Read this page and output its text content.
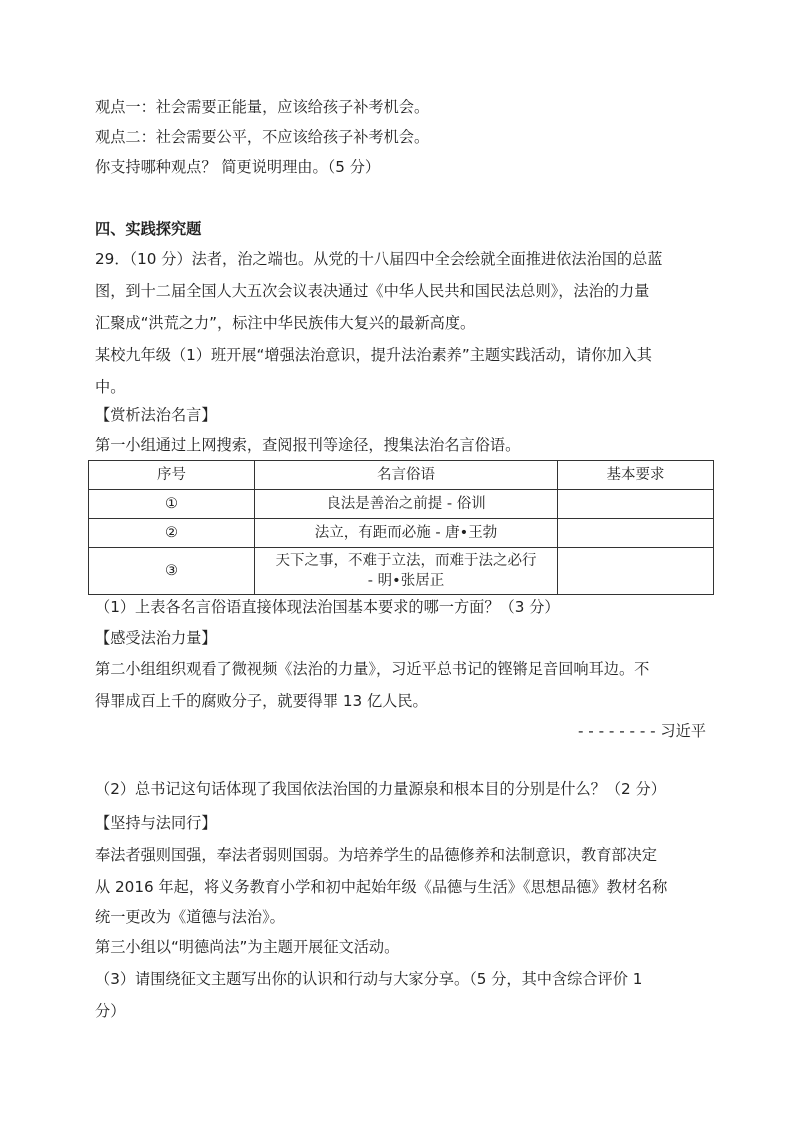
观点一：社会需要正能量，应该给孩子补考机会。
观点二：社会需要公平，不应该给孩子补考机会。
你支持哪种观点？ 简更说明理由。（5 分）
四、实践探究题
29．（10 分）法者，治之端也。从党的十八届四中全会绘就全面推进依法治国的总蓝
图，到十二届全国人大五次会议表决通过《中华人民共和国民法总则》，法治的力量
汇聚成“洪荒之力”，标注中华民族伟大复兴的最新高度。
某校九年级（1）班开展“增强法治意识，提升法治素养”主题实践活动，请你加入其
中。
【赏析法治名言】
第一小组通过上网搜索，查阅报刊等途径，搜集法治名言俗语。
序号	名言俗语	基本要求
①	良法是善治之前提 - 俗训	
②	法立，有距而必施 - 唐•王勃	
③	天下之事，不难于立法，而难于法之必行
- 明•张居正	

（1）上表各名言俗语直接体现法治国基本要求的哪一方面？（3 分）
【感受法治力量】
第二小组组织观看了微视频《法治的力量》，习近平总书记的铿锵足音回响耳边。不
得罪成百上千的腐败分子，就要得罪 13 亿人民。
- - - - - - - - 习近平
（2）总书记这句话体现了我国依法治国的力量源泉和根本目的分别是什么？（2 分）
【坚持与法同行】
奉法者强则国强，奉法者弱则国弱。为培养学生的品德修养和法制意识，教育部决定
从 2016 年起，将义务教育小学和初中起始年级《品德与生活》《思想品德》教材名称
统一更改为《道德与法治》。
第三小组以“明德尚法”为主题开展征文活动。
（3）请围绕征文主题写出你的认识和行动与大家分享。（5 分，其中含综合评价 1
分）
